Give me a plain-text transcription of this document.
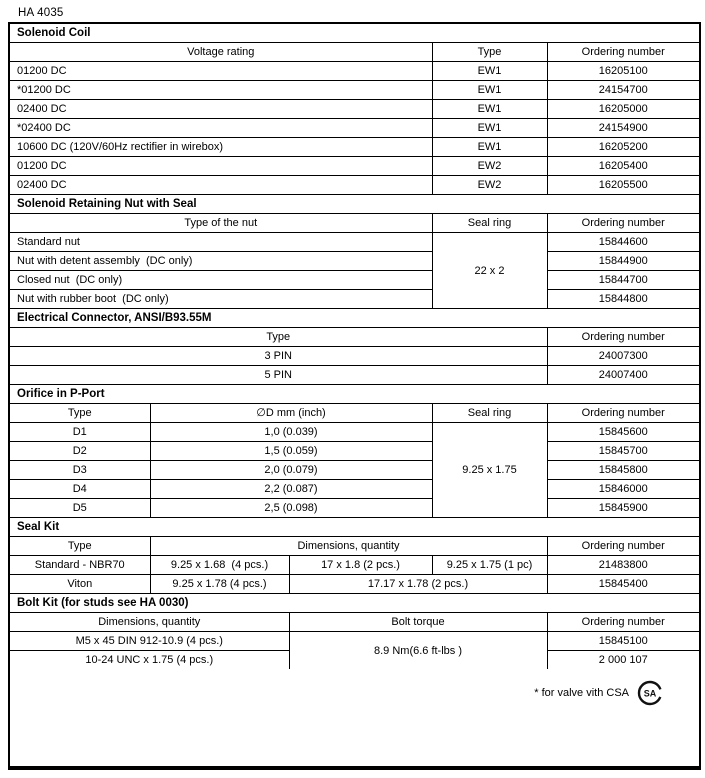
HA 4035
Solenoid Coil				
Voltage rating			Type	Ordering number
01200 DC			EW1	16205100
*01200 DC			EW1	24154700
02400 DC			EW1	16205000
*02400 DC			EW1	24154900
10600 DC (120V/60Hz rectifier in wirebox)			EW1	16205200
01200 DC			EW2	16205400
02400 DC			EW2	16205500
Solenoid Retaining Nut with Seal				
Type of the nut			Seal ring	Ordering number
Standard nut			22 x 2	15844600
Nut with detent assembly  (DC only)				15844900
Closed nut  (DC only)				15844700
Nut with rubber boot  (DC only)				15844800
Electrical Connector, ANSI/B93.55M				
Type				Ordering number
3 PIN				24007300
5 PIN				24007400
Orifice in P-Port				
Type	∅D mm (inch)		Seal ring	Ordering number
D1	1,0 (0.039)		9.25 x 1.75	15845600
D2	1,5 (0.059)			15845700
D3	2,0 (0.079)			15845800
D4	2,2 (0.087)			15846000
D5	2,5 (0.098)			15845900
Seal Kit				
Type	Dimensions, quantity			Ordering number
Standard - NBR70	9.25 x 1.68  (4 pcs.)	17 x 1.8 (2 pcs.)	9.25 x 1.75 (1 pc)	21483800
Viton	9.25 x 1.78 (4 pcs.)	17.17 x 1.78 (2 pcs.)		15845400
Bolt Kit (for studs see HA 0030)				
Dimensions, quantity		Bolt torque		Ordering number
M5 x 45 DIN 912-10.9 (4 pcs.)		8.9 Nm(6.6 ft-lbs )		15845100
10-24 UNC x 1.75 (4 pcs.)				2 000 107
* for valve vith CSA SA
